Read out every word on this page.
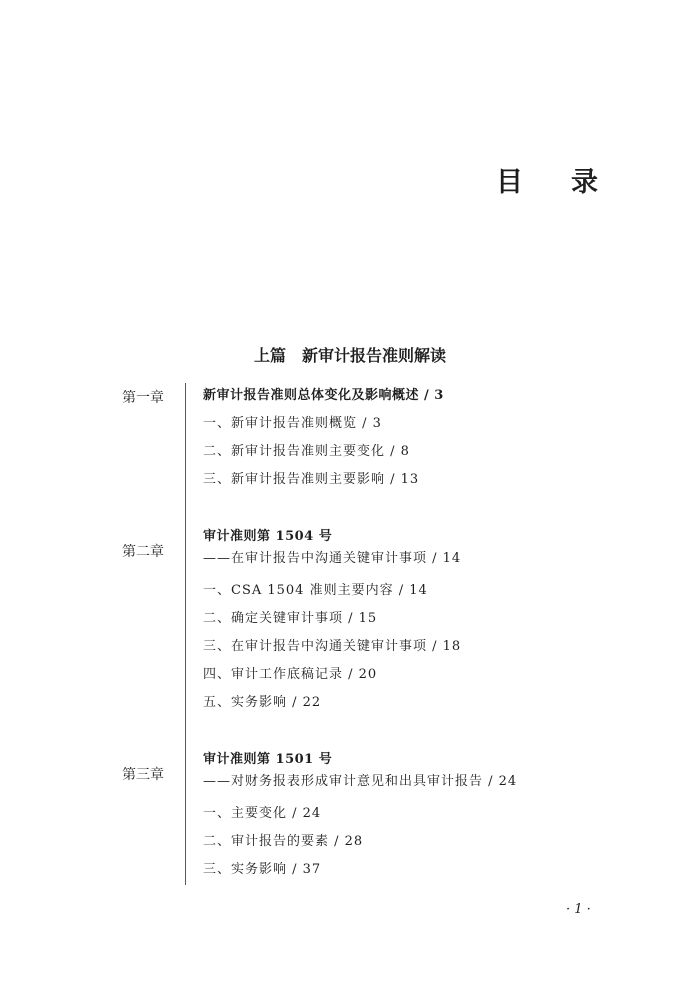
目录
上篇　新审计报告准则解读
第一章	新审计报告准则总体变化及影响概述 / 3
一、新审计报告准则概览 / 3
二、新审计报告准则主要变化 / 8
三、新审计报告准则主要影响 / 13
第二章
审计准则第 1504 号
——在审计报告中沟通关键审计事项 / 14
一、CSA 1504 准则主要内容 / 14
二、确定关键审计事项 / 15
三、在审计报告中沟通关键审计事项 / 18
四、审计工作底稿记录 / 20
五、实务影响 / 22
第三章
审计准则第 1501 号
——对财务报表形成审计意见和出具审计报告 / 24
一、主要变化 / 24
二、审计报告的要素 / 28
三、实务影响 / 37
· 1 ·
